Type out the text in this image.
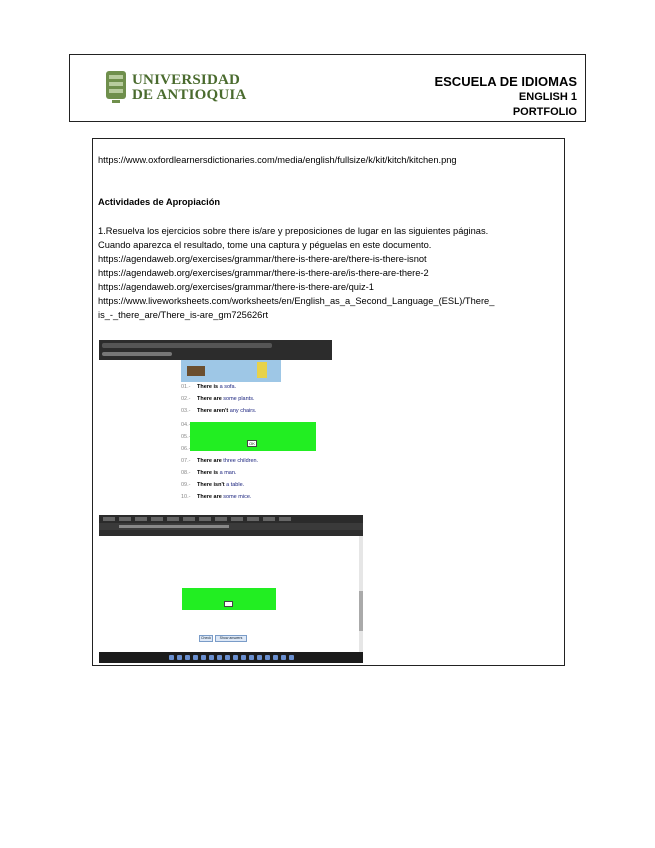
UNIVERSIDAD
DE ANTIOQUIA
ESCUELA DE IDIOMAS
ENGLISH 1
PORTFOLIO
https://www.oxfordlearnersdictionaries.com/media/english/fullsize/k/kit/kitch/kitchen.png
Actividades de Apropiación
1.Resuelva los ejercicios sobre there is/are y preposiciones de lugar en las siguientes páginas.
Cuando aparezca el resultado, tome una captura y péguelas en este documento.
https://agendaweb.org/exercises/grammar/there-is-there-are/there-is-there-isnot
https://agendaweb.org/exercises/grammar/there-is-there-are/is-there-are-there-2
https://agendaweb.org/exercises/grammar/there-is-there-are/quiz-1
https://www.liveworksheets.com/worksheets/en/English_as_a_Second_Language_(ESL)/There_
is_-_there_are/There_is-are_gm725626rt
01.- There is a sofa.
02.- There are some plants.
03.- There aren't any chairs.
04.-
05.-
06.-
07.- There are three children.
08.- There is a man.
09.- There isn't a table.
10.- There are some mice.

OK

Check	Show answers
